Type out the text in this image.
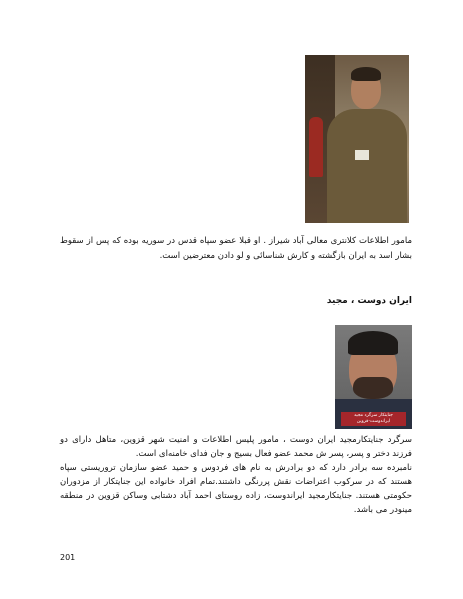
مامور اطلاعات کلانتری معالی آباد شیراز . او قبلا عضو سپاه قدس در سوریه بوده که پس از سقوط بشار اسد به ایران بازگشته و کارش شناسائی و لو دادن معترضین است.
ایران دوست ، مجید
جنایتکار سرگرد مجید ایراندوست-قزوین

سرگرد جنایتکارمجید ایران دوست ، مامور پلیس اطلاعات و امنیت شهر قزوین، متاهل دارای دو فرزند دختر و پسر، پسر ش محمد عضو فعال بسیج و جان فدای خامنه‌ای است.

نامبرده سه برادر دارد که دو برادرش به نام های فردوس و حمید عضو سازمان تروریستی سپاه هستند که در سرکوب اعتراضات نقش پررنگی داشتند.تمام افراد خانواده این جنایتکار از مزدوران حکومتی هستند. جنایتکارمجید ایراندوست، زاده روستای احمد آباد دشتابی وساکن قزوین در منطقه مینودر می باشد.

201
